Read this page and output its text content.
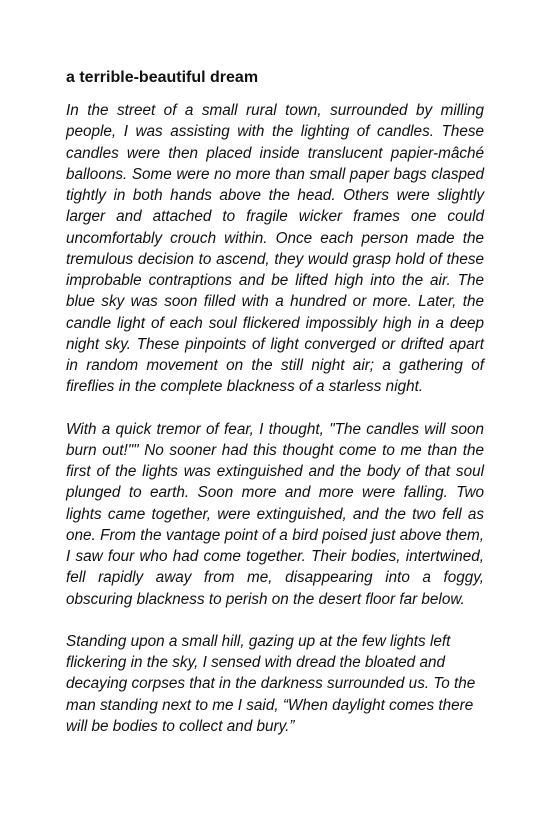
a terrible-beautiful dream

In the street of a small rural town, surrounded by milling people, I was assisting with the lighting of candles. These candles were then placed inside translucent papier-mâché balloons. Some were no more than small paper bags clasped tightly in both hands above the head. Others were slightly larger and attached to fragile wicker frames one could uncomfortably crouch within. Once each person made the tremulous decision to ascend, they would grasp hold of these improbable contraptions and be lifted high into the air. The blue sky was soon filled with a hundred or more. Later, the candle light of each soul flickered impossibly high in a deep night sky. These pinpoints of light converged or drifted apart in random movement on the still night air; a gathering of fireflies in the complete blackness of a starless night.

With a quick tremor of fear, I thought, "The candles will soon burn out!"" No sooner had this thought come to me than the first of the lights was extinguished and the body of that soul plunged to earth. Soon more and more were falling. Two lights came together, were extinguished, and the two fell as one. From the vantage point of a bird poised just above them, I saw four who had come together. Their bodies, intertwined, fell rapidly away from me, disappearing into a foggy, obscuring blackness to perish on the desert floor far below.

Standing upon a small hill, gazing up at the few lights left flickering in the sky, I sensed with dread the bloated and decaying corpses that in the darkness surrounded us. To the man standing next to me I said, “When daylight comes there will be bodies to collect and bury.”
